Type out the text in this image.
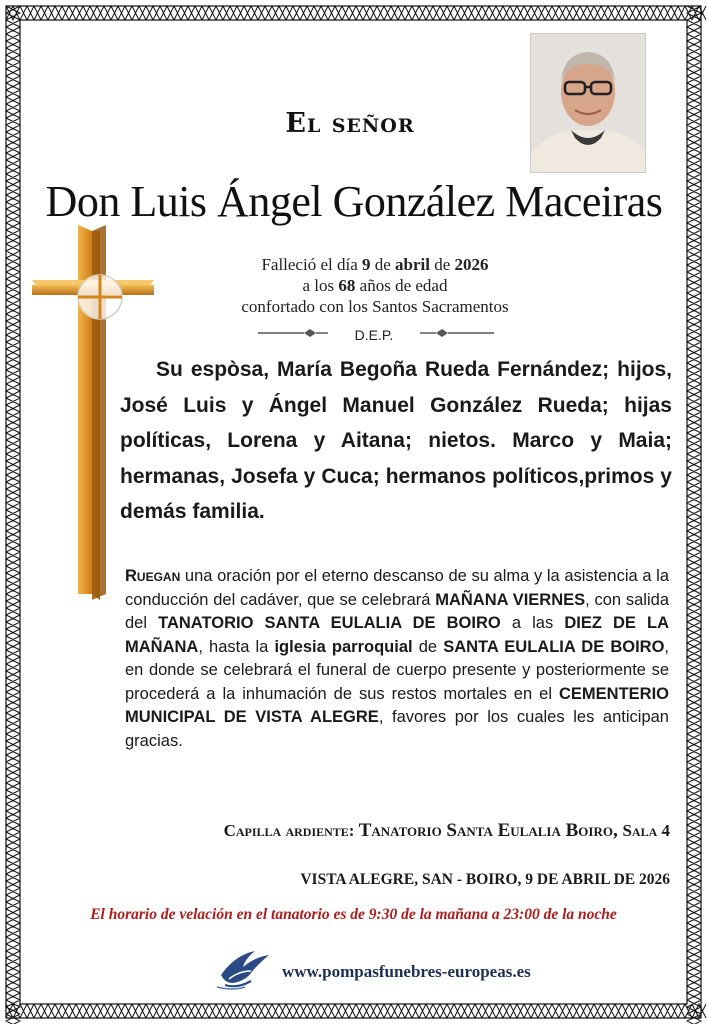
El señor
Don Luis Ángel González Maceiras
Falleció el día 9 de abril de 2026
a los 68 años de edad
confortado con los Santos Sacramentos
D.E.P.
Su espòsa, María Begoña Rueda Fernández; hijos, José Luis y Ángel Manuel González Rueda; hijas políticas, Lorena y Aitana; nietos. Marco y Maia; hermanas, Josefa y Cuca; hermanos políticos,primos y demás familia.
Ruegan una oración por el eterno descanso de su alma y la asistencia a la conducción del cadáver, que se celebrará MAÑANA VIERNES, con salida del TANATORIO SANTA EULALIA DE BOIRO a las DIEZ DE LA MAÑANA, hasta la iglesia parroquial de SANTA EULALIA DE BOIRO, en donde se celebrará el funeral de cuerpo presente y posteriormente se procederá a la inhumación de sus restos mortales en el CEMENTERIO MUNICIPAL DE VISTA ALEGRE, favores por los cuales les anticipan gracias.
Capilla ardiente: Tanatorio Santa Eulalia Boiro, Sala 4
VISTA ALEGRE, SAN - BOIRO, 9 DE ABRIL DE 2026
El horario de velación en el tanatorio es de 9:30 de la mañana a 23:00 de la noche
www.pompasfunebres-europeas.es
